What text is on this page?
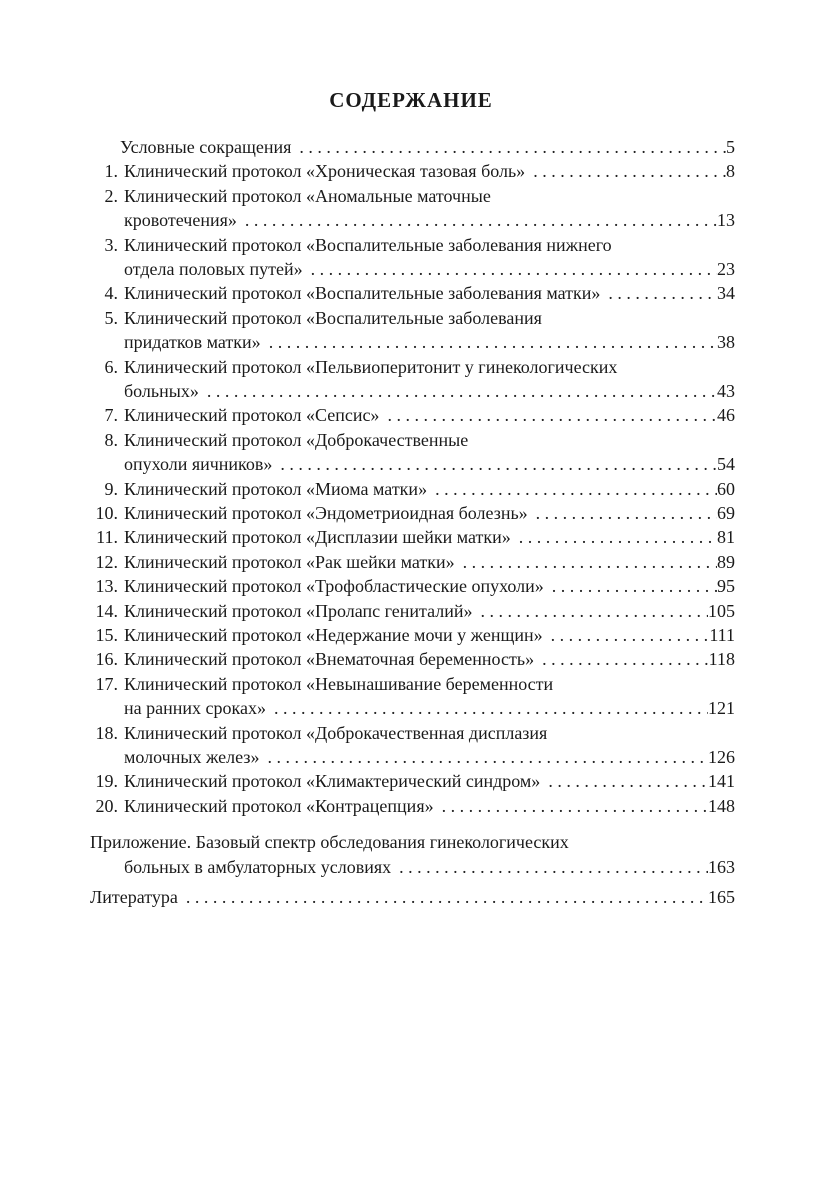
СОДЕРЖАНИЕ
Условные сокращения . . .	5
1. Клинический протокол «Хроническая тазовая боль» . . .	8
2. Клинический протокол «Аномальные маточные
кровотечения» . . .	13
3. Клинический протокол «Воспалительные заболевания нижнего
отдела половых путей» . . .	23
4. Клинический протокол «Воспалительные заболевания матки» . . .	34
5. Клинический протокол «Воспалительные заболевания
придатков матки» . . .	38
6. Клинический протокол «Пельвиоперитонит у гинекологических
больных» . . .	43
7. Клинический протокол «Сепсис» . . .	46
8. Клинический протокол «Доброкачественные
опухоли яичников» . . .	54
9. Клинический протокол «Миома матки» . . .	60
10. Клинический протокол «Эндометриоидная болезнь» . . .	69
11. Клинический протокол «Дисплазии шейки матки» . . .	81
12. Клинический протокол «Рак шейки матки» . . .	89
13. Клинический протокол «Трофобластические опухоли» . . .	95
14. Клинический протокол «Пролапс гениталий» . . .	105
15. Клинический протокол «Недержание мочи у женщин» . . .	111
16. Клинический протокол «Внематочная беременность» . . .	118
17. Клинический протокол «Невынашивание беременности
на ранних сроках» . . .	121
18. Клинический протокол «Доброкачественная дисплазия
молочных желез» . . .	126
19. Клинический протокол «Климактерический синдром» . . .	141
20. Клинический протокол «Контрацепция» . . .	148
Приложение. Базовый спектр обследования гинекологических
больных в амбулаторных условиях . . .	163
Литература . . .	165
